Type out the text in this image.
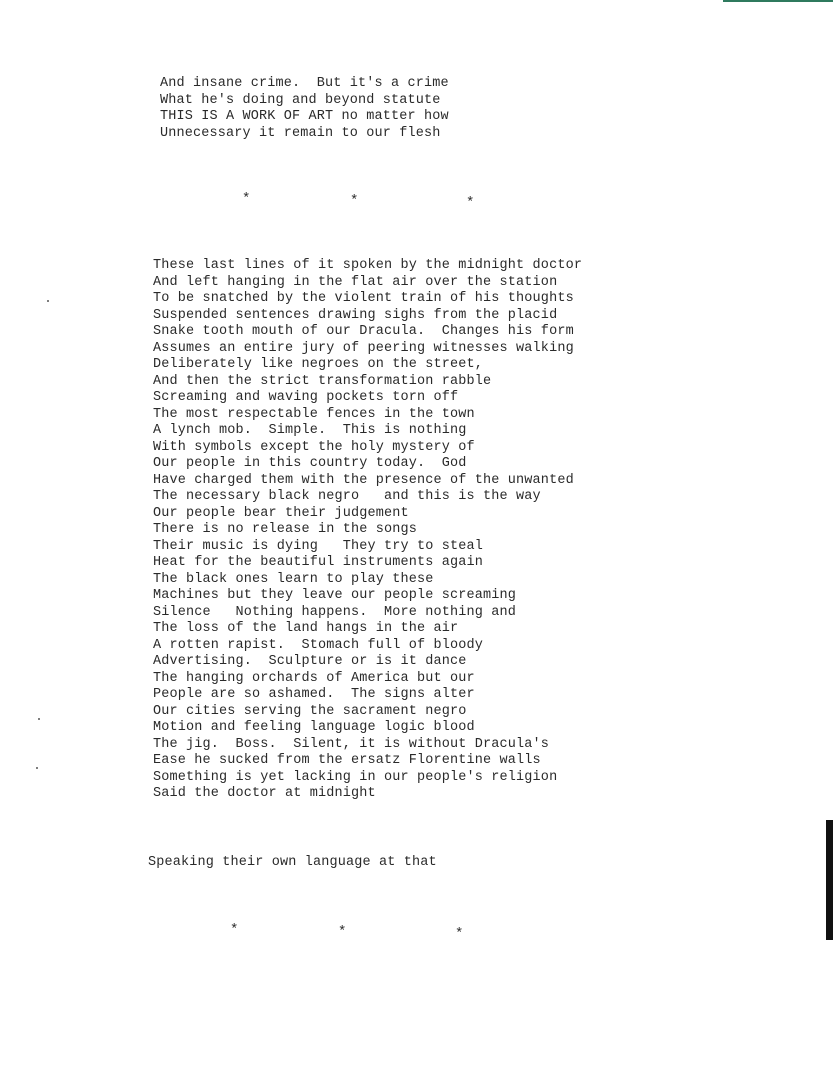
And insane crime.  But it's a crime
What he's doing and beyond statute
THIS IS A WORK OF ART no matter how
Unnecessary it remain to our flesh
*	*	*
These last lines of it spoken by the midnight doctor
And left hanging in the flat air over the station
To be snatched by the violent train of his thoughts
Suspended sentences drawing sighs from the placid
Snake tooth mouth of our Dracula.  Changes his form
Assumes an entire jury of peering witnesses walking
Deliberately like negroes on the street,
And then the strict transformation rabble
Screaming and waving pockets torn off
The most respectable fences in the town
A lynch mob.  Simple.  This is nothing
With symbols except the holy mystery of
Our people in this country today.  God
Have charged them with the presence of the unwanted
The necessary black negro   and this is the way
Our people bear their judgement
There is no release in the songs
Their music is dying   They try to steal
Heat for the beautiful instruments again
The black ones learn to play these
Machines but they leave our people screaming
Silence   Nothing happens.  More nothing and
The loss of the land hangs in the air
A rotten rapist.  Stomach full of bloody
Advertising.  Sculpture or is it dance
The hanging orchards of America but our
People are so ashamed.  The signs alter
Our cities serving the sacrament negro
Motion and feeling language logic blood
The jig.  Boss.  Silent, it is without Dracula's
Ease he sucked from the ersatz Florentine walls
Something is yet lacking in our people's religion
Said the doctor at midnight
Speaking their own language at that
*	*	*
